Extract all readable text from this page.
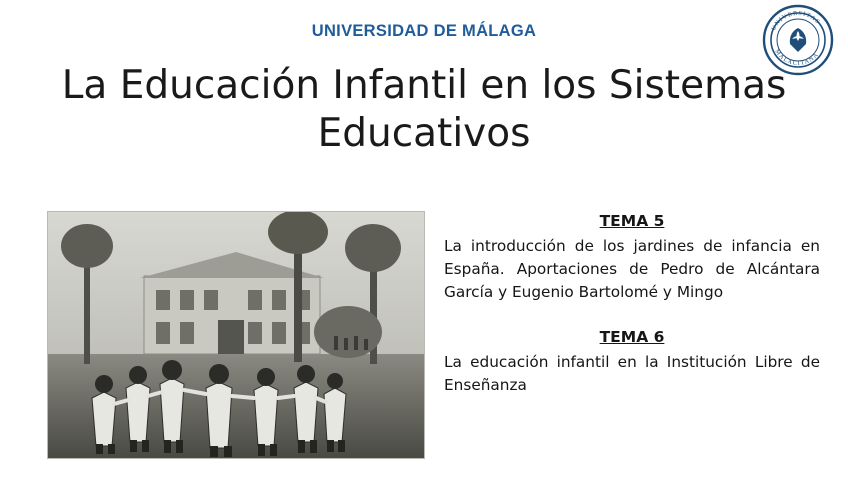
UNIVERSIDAD DE MÁLAGA	UNIVERSITAS
MALACITANA
La Educación Infantil en los Sistemas Educativos
TEMA 5
La introducción de los jardines de infancia en España. Aportaciones de Pedro de Alcántara García y Eugenio Bartolomé y Mingo
TEMA 6
La educación infantil en la Institución Libre de Enseñanza
